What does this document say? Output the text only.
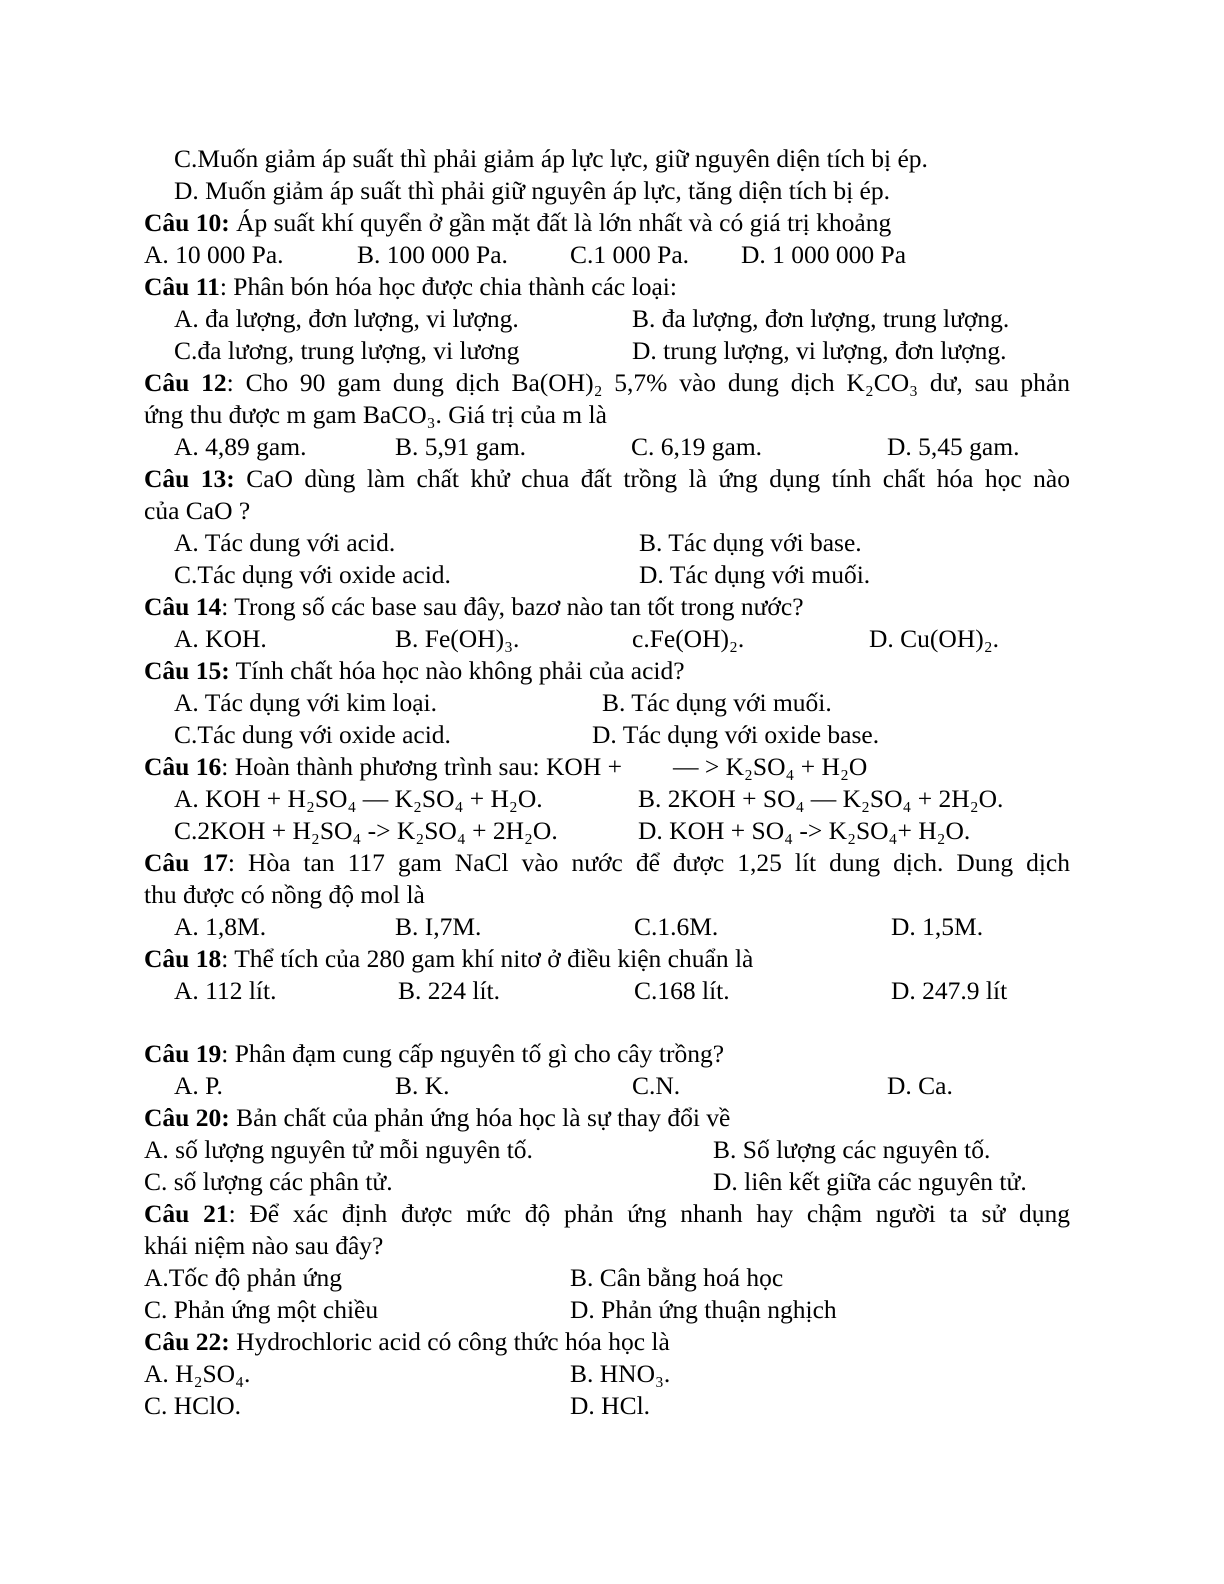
C.Muốn giảm áp suất thì phải giảm áp lực lực, giữ nguyên diện tích bị ép.
D. Muốn giảm áp suất thì phải giữ nguyên áp lực, tăng diện tích bị ép.
Câu 10: Áp suất khí quyển ở gần mặt đất là lớn nhất và có giá trị khoảng
A. 10 000 Pa.	B. 100 000 Pa. C.1 000 Pa. D. 1 000 000 Pa
Câu 11: Phân bón hóa học được chia thành các loại:
A. đa lượng, đơn lượng, vi lượng.	B. đa lượng, đơn lượng, trung lượng.
C.đa lương, trung lượng, vi lương	D. trung lượng, vi lượng, đơn lượng.
Câu 12: Cho 90 gam dung dịch Ba(OH)₂ 5,7% vào dung dịch K₂CO₃ dư, sau phản
ứng thu được m gam BaCO₃. Giá trị của m là
A. 4,89 gam.	B. 5,91 gam.	C. 6,19 gam.	D. 5,45 gam.
Câu 13: CaO dùng làm chất khử chua đất trồng là ứng dụng tính chất hóa học nào
của CaO ?
A. Tác dung với acid.	B. Tác dụng với base.
C.Tác dụng với oxide acid.	D. Tác dụng với muối.
Câu 14: Trong số các base sau đây, bazơ nào tan tốt trong nước?
A. KOH.	B. Fe(OH)₃.	c.Fe(OH)₂.	D. Cu(OH)₂.
Câu 15: Tính chất hóa học nào không phải của acid?
A. Tác dụng với kim loại.	B. Tác dụng với muối.
C.Tác dung với oxide acid.	D. Tác dụng với oxide base.
Câu 16: Hoàn thành phương trình sau: KOH +        — > K₂SO₄ + H₂O
A. KOH + H₂SO₄ — K₂SO₄ + H₂O.	B. 2KOH + SO₄ — K₂SO₄ + 2H₂O.
C.2KOH + H₂SO₄ -> K₂SO₄ + 2H₂O.	D. KOH + SO₄ -> K₂SO₄+ H₂O.
Câu 17: Hòa tan 117 gam NaCl vào nước để được 1,25 lít dung dịch. Dung dịch
thu được có nồng độ mol là
A. 1,8M.	B. I,7M.	C.1.6M.	D. 1,5M.
Câu 18: Thể tích của 280 gam khí nitơ ở điều kiện chuẩn là
A. 112 lít.	B. 224 lít.	C.168 lít.	D. 247.9 lít
Câu 19: Phân đạm cung cấp nguyên tố gì cho cây trồng?
A. P.	B. K.	C.N.	D. Ca.
Câu 20: Bản chất của phản ứng hóa học là sự thay đổi về
A. số lượng nguyên tử mỗi nguyên tố.	B. Số lượng các nguyên tố.
C. số lượng các phân tử.	D. liên kết giữa các nguyên tử.
Câu 21: Để xác định được mức độ phản ứng nhanh hay chậm người ta sử dụng
khái niệm nào sau đây?
A.Tốc độ phản ứng	B. Cân bằng hoá học
C. Phản ứng một chiều	D. Phản ứng thuận nghịch
Câu 22: Hydrochloric acid có công thức hóa học là
A. H₂SO₄.	B. HNO₃.
C. HClO.	D. HCl.
